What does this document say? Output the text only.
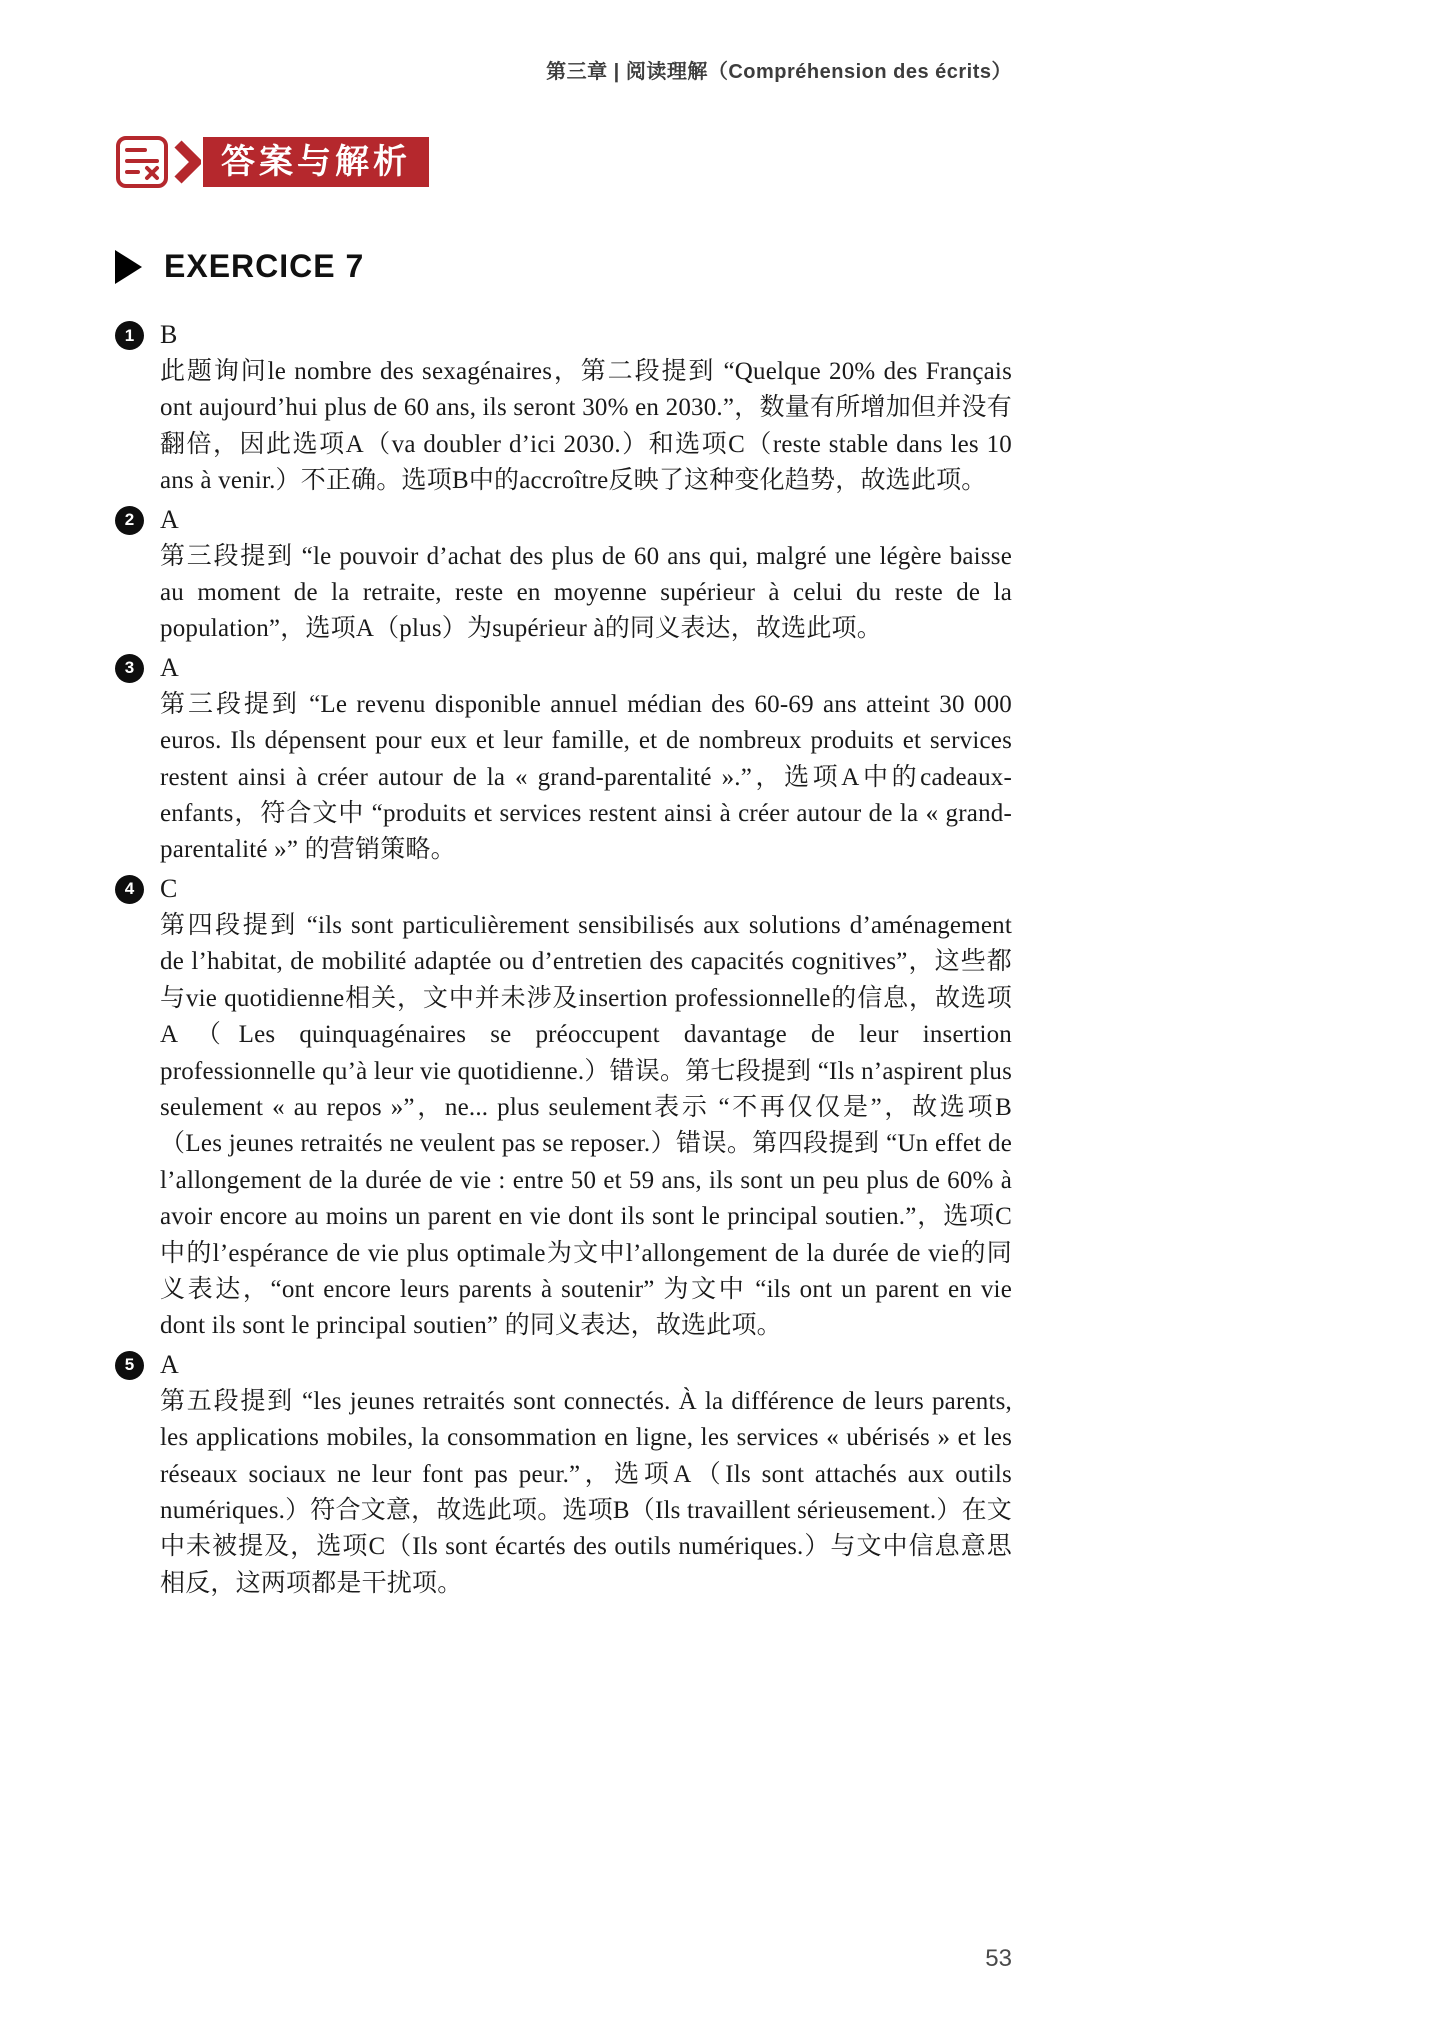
第三章 | 阅读理解（Compréhension des écrits）
答案与解析
EXERCICE 7
1 B
此题询问le nombre des sexagénaires，第二段提到 “Quelque 20% des Français ont aujourd’hui plus de 60 ans, ils seront 30% en 2030.”，数量有所增加但并没有翻倍，因此选项A（va doubler d’ici 2030.）和选项C（reste stable dans les 10 ans à venir.）不正确。选项B中的accroître反映了这种变化趋势，故选此项。
2 A
第三段提到 “le pouvoir d’achat des plus de 60 ans qui, malgré une légère baisse au moment de la retraite, reste en moyenne supérieur à celui du reste de la population”，选项A（plus）为supérieur à的同义表达，故选此项。
3 A
第三段提到 “Le revenu disponible annuel médian des 60-69 ans atteint 30 000 euros. Ils dépensent pour eux et leur famille, et de nombreux produits et services restent ainsi à créer autour de la « grand-parentalité ».”，选项A中的cadeaux-enfants，符合文中 “produits et services restent ainsi à créer autour de la « grand-parentalité »” 的营销策略。
4 C
第四段提到 “ils sont particulièrement sensibilisés aux solutions d’aménagement de l’habitat, de mobilité adaptée ou d’entretien des capacités cognitives”，这些都与vie quotidienne相关，文中并未涉及insertion professionnelle的信息，故选项A（Les quinquagénaires se préoccupent davantage de leur insertion professionnelle qu’à leur vie quotidienne.）错误。第七段提到 “Ils n’aspirent plus seulement « au repos »”，ne... plus seulement表示 “不再仅仅是”，故选项B（Les jeunes retraités ne veulent pas se reposer.）错误。第四段提到 “Un effet de l’allongement de la durée de vie : entre 50 et 59 ans, ils sont un peu plus de 60% à avoir encore au moins un parent en vie dont ils sont le principal soutien.”，选项C中的l’espérance de vie plus optimale为文中l’allongement de la durée de vie的同义表达，“ont encore leurs parents à soutenir” 为文中 “ils ont un parent en vie dont ils sont le principal soutien” 的同义表达，故选此项。
5 A
第五段提到 “les jeunes retraités sont connectés. À la différence de leurs parents, les applications mobiles, la consommation en ligne, les services « ubérisés » et les réseaux sociaux ne leur font pas peur.”，选项A（Ils sont attachés aux outils numériques.）符合文意，故选此项。选项B（Ils travaillent sérieusement.）在文中未被提及，选项C（Ils sont écartés des outils numériques.）与文中信息意思相反，这两项都是干扰项。
53
